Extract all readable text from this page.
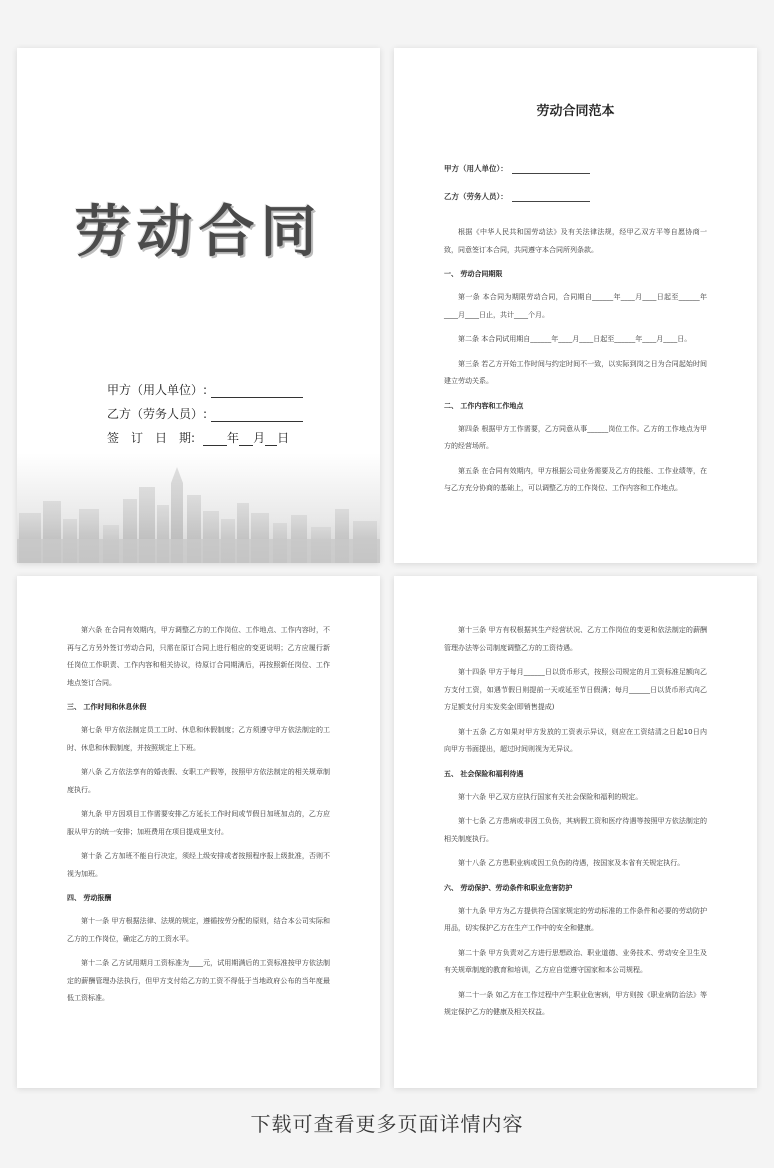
劳动合同
甲方（用人单位）:
乙方（劳务人员）:
签　订　日　期:	年 月 日
劳动合同范本
甲方（用人单位）：
乙方（劳务人员）：
根据《中华人民共和国劳动法》及有关法律法规，经甲乙双方平等自愿协商一致，同意签订本合同，共同遵守本合同所列条款。
一、 劳动合同期限
第一条 本合同为期限劳动合同，合同期自______年____月____日起至______年____月____日止，共计____个月。
第二条 本合同试用期自______年____月____日起至______年____月____日。
第三条 若乙方开始工作时间与约定时间不一致，以实际到岗之日为合同起始时间建立劳动关系。
二、 工作内容和工作地点
第四条 根据甲方工作需要，乙方同意从事______岗位工作。乙方的工作地点为甲方的经营场所。
第五条 在合同有效期内，甲方根据公司业务需要及乙方的技能、工作业绩等，在与乙方充分协商的基础上，可以调整乙方的工作岗位、工作内容和工作地点。
第六条 在合同有效期内，甲方调整乙方的工作岗位、工作地点、工作内容时，不再与乙方另外签订劳动合同，只需在原订合同上进行相应的变更说明；乙方应履行新任岗位工作职责、工作内容和相关协议，待原订合同期满后，再按照新任岗位、工作地点签订合同。
三、 工作时间和休息休假
第七条 甲方依法制定员工工时、休息和休假制度；乙方须遵守甲方依法制定的工时、休息和休假制度，并按照规定上下班。
第八条 乙方依法享有的婚丧假、女职工产假等，按照甲方依法制定的相关规章制度执行。
第九条 甲方因项目工作需要安排乙方延长工作时间或节假日加班加点的，乙方应服从甲方的统一安排；加班费用在项目提成里支付。
第十条 乙方加班不能自行决定，须经上级安排或者按照程序报上级批准，否则不视为加班。
四、 劳动报酬
第十一条 甲方根据法律、法规的规定，遵循按劳分配的原则，结合本公司实际和乙方的工作岗位，确定乙方的工资水平。
第十二条 乙方试用期月工资标准为____元，试用期满后的工资标准按甲方依法制定的薪酬管理办法执行，但甲方支付给乙方的工资不得低于当地政府公布的当年度最低工资标准。
第十三条 甲方有权根据其生产经营状况、乙方工作岗位的变更和依法制定的薪酬管理办法等公司制度调整乙方的工资待遇。
第十四条 甲方于每月______日以货币形式，按照公司规定的月工资标准足额向乙方支付工资，如遇节假日则提前一天或延至节日假满；每月______日以货币形式向乙方足额支付月实发奖金(即销售提成)
第十五条 乙方如果对甲方发放的工资表示异议，则应在工资结清之日起10日内向甲方书面提出，超过时间则视为无异议。
五、 社会保险和福利待遇
第十六条 甲乙双方应执行国家有关社会保险和福利的规定。
第十七条 乙方患病或非因工负伤，其病假工资和医疗待遇等按照甲方依法制定的相关制度执行。
第十八条 乙方患职业病或因工负伤的待遇，按国家及本省有关规定执行。
六、 劳动保护、劳动条件和职业危害防护
第十九条 甲方为乙方提供符合国家规定的劳动标准的工作条件和必要的劳动防护用品，切实保护乙方在生产工作中的安全和健康。
第二十条 甲方负责对乙方进行思想政治、职业道德、业务技术、劳动安全卫生及有关规章制度的教育和培训，乙方应自觉遵守国家和本公司规程。
第二十一条 如乙方在工作过程中产生职业危害病，甲方则按《职业病防治法》等规定保护乙方的健康及相关权益。
下载可查看更多页面详情内容
